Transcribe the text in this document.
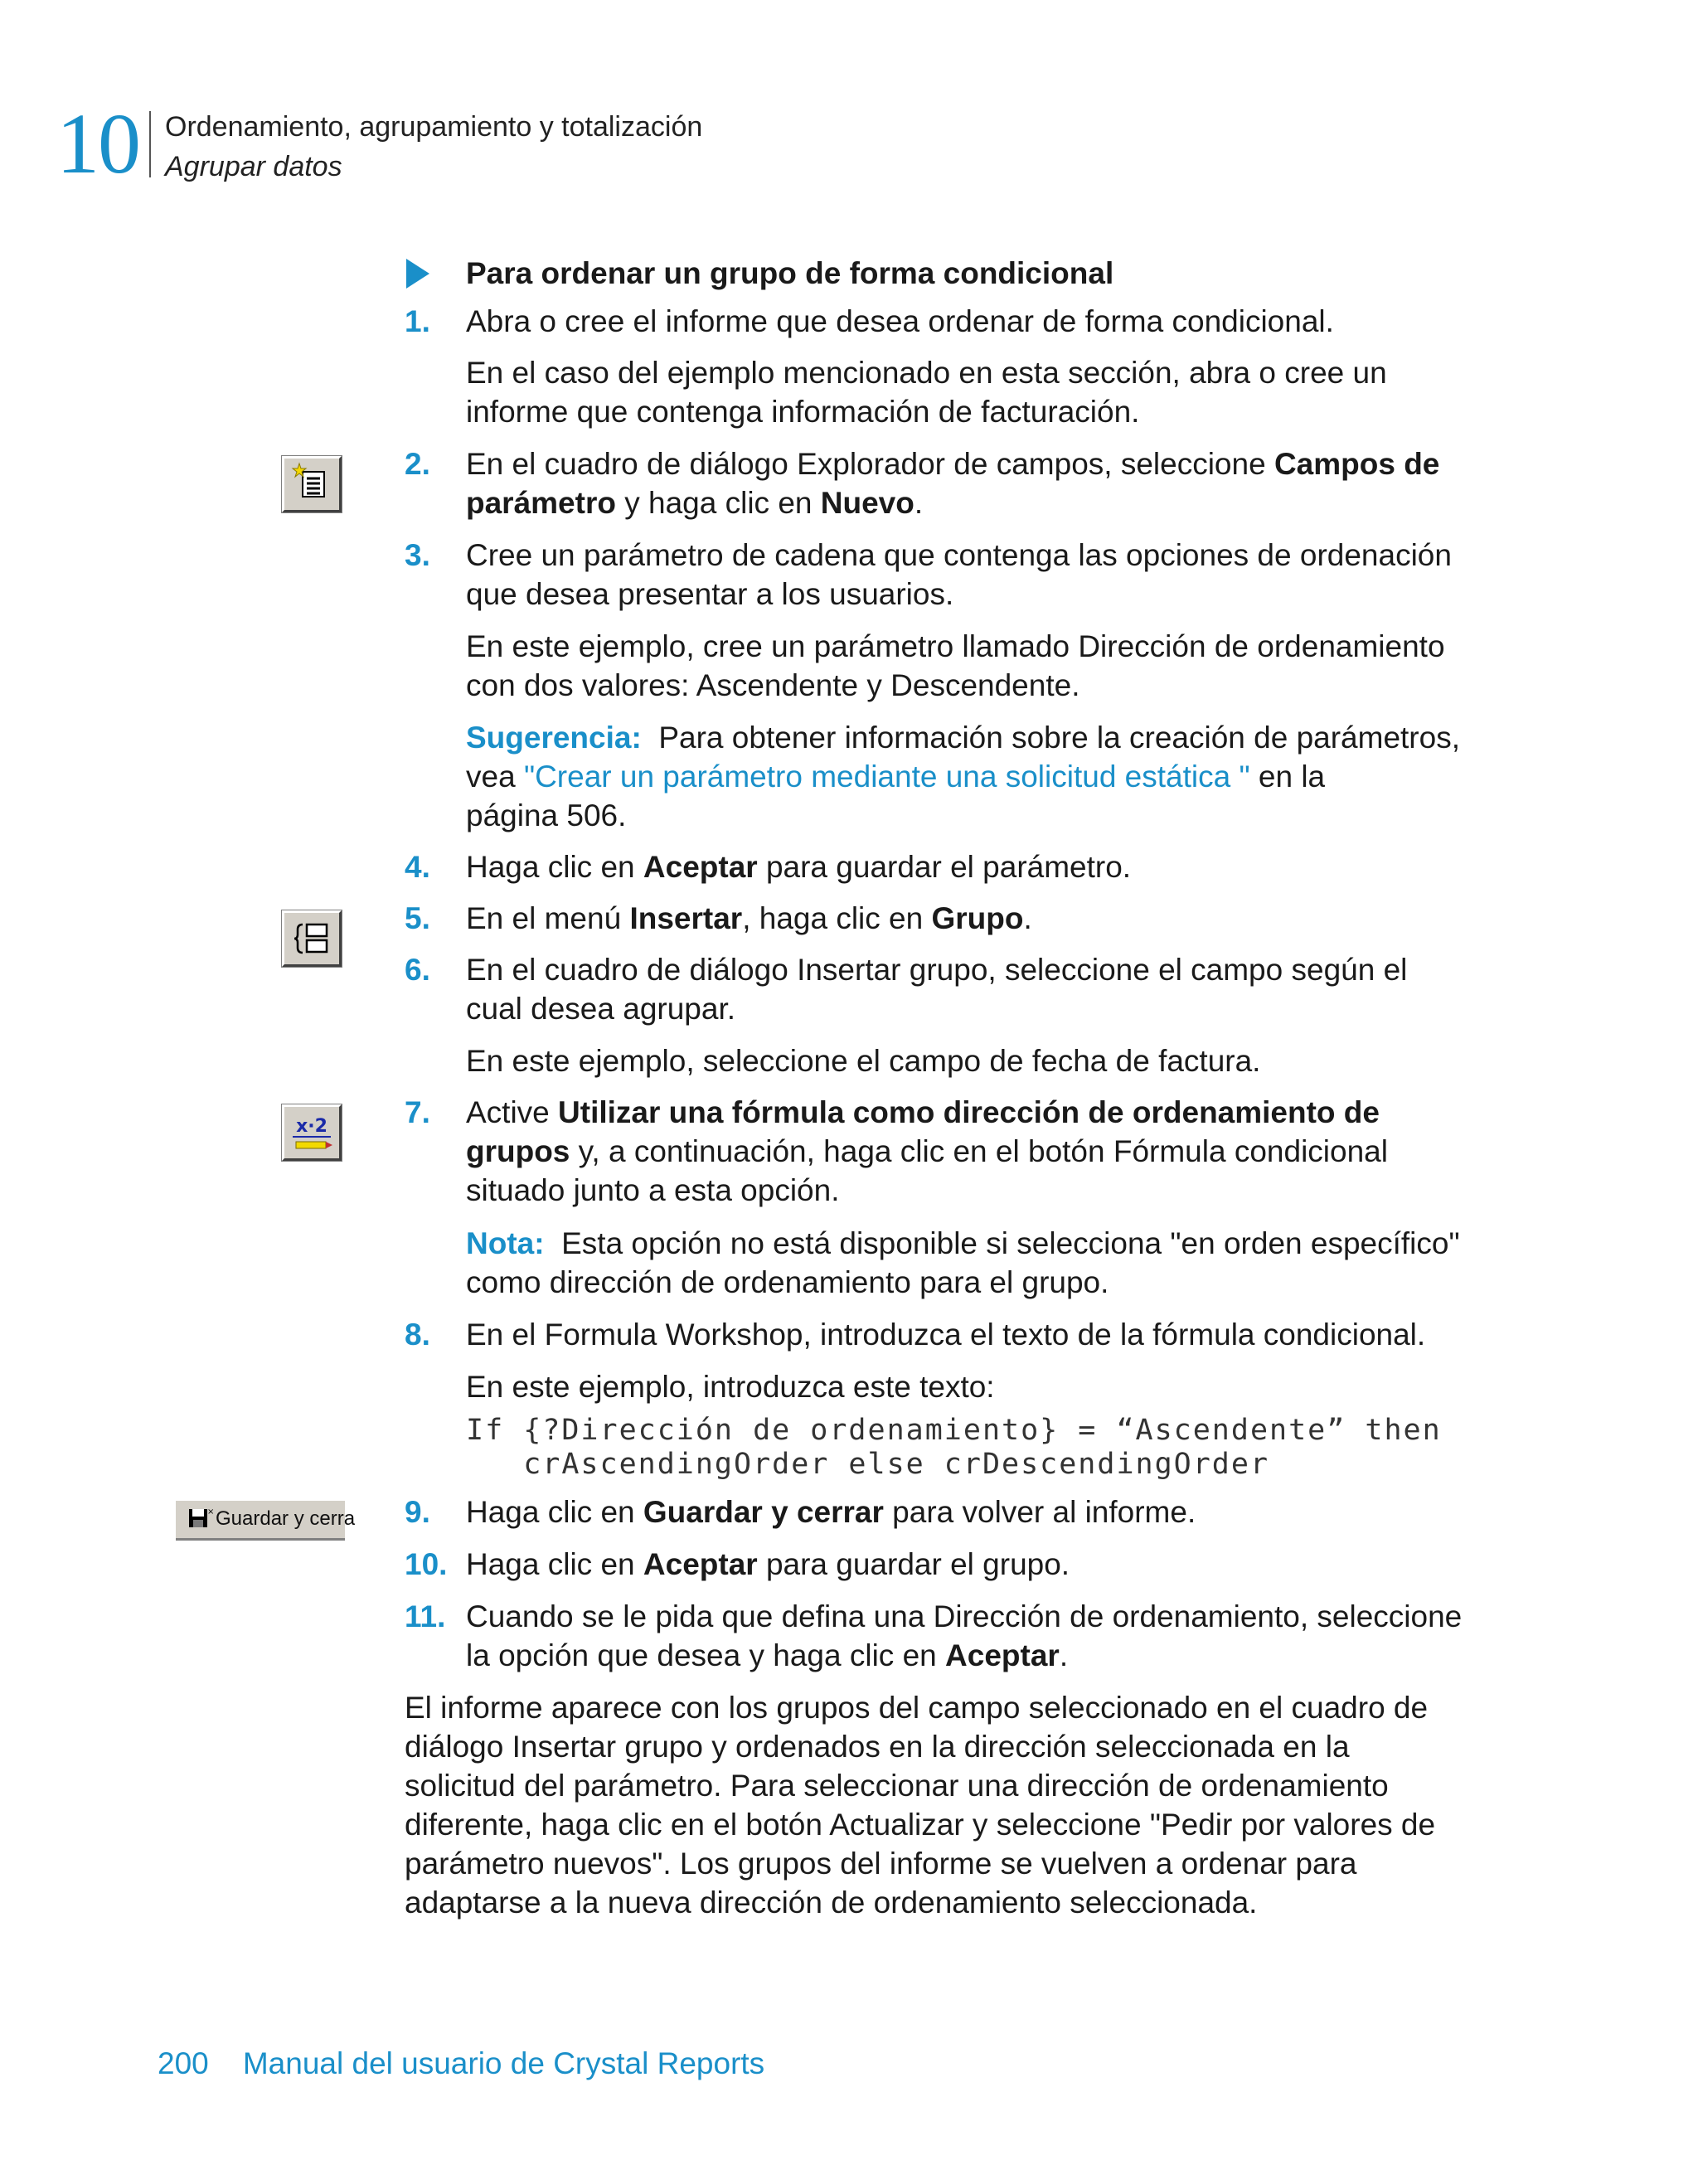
10 Ordenamiento, agrupamiento y totalización
Agrupar datos
Para ordenar un grupo de forma condicional
1. Abra o cree el informe que desea ordenar de forma condicional.
En el caso del ejemplo mencionado en esta sección, abra o cree un
informe que contenga información de facturación.
2. En el cuadro de diálogo Explorador de campos, seleccione Campos de
parámetro y haga clic en Nuevo.
3. Cree un parámetro de cadena que contenga las opciones de ordenación
que desea presentar a los usuarios.
En este ejemplo, cree un parámetro llamado Dirección de ordenamiento
con dos valores: Ascendente y Descendente.
Sugerencia: Para obtener información sobre la creación de parámetros,
vea "Crear un parámetro mediante una solicitud estática " en la
página 506.
4. Haga clic en Aceptar para guardar el parámetro.
5. En el menú Insertar, haga clic en Grupo.
6. En el cuadro de diálogo Insertar grupo, seleccione el campo según el
cual desea agrupar.
En este ejemplo, seleccione el campo de fecha de factura.
x·2	7. Active Utilizar una fórmula como dirección de ordenamiento de
grupos y, a continuación, haga clic en el botón Fórmula condicional
situado junto a esta opción.
Nota: Esta opción no está disponible si selecciona "en orden específico"
como dirección de ordenamiento para el grupo.
8. En el Formula Workshop, introduzca el texto de la fórmula condicional.
En este ejemplo, introduzca este texto:
If {?Dirección de ordenamiento} = “Ascendente” then
crAscendingOrder else crDescendingOrder
× Guardar y cerra 9. Haga clic en Guardar y cerrar para volver al informe.
10. Haga clic en Aceptar para guardar el grupo.
11. Cuando se le pida que defina una Dirección de ordenamiento, seleccione
la opción que desea y haga clic en Aceptar.
El informe aparece con los grupos del campo seleccionado en el cuadro de
diálogo Insertar grupo y ordenados en la dirección seleccionada en la
solicitud del parámetro. Para seleccionar una dirección de ordenamiento
diferente, haga clic en el botón Actualizar y seleccione "Pedir por valores de
parámetro nuevos". Los grupos del informe se vuelven a ordenar para
adaptarse a la nueva dirección de ordenamiento seleccionada.
200 Manual del usuario de Crystal Reports
